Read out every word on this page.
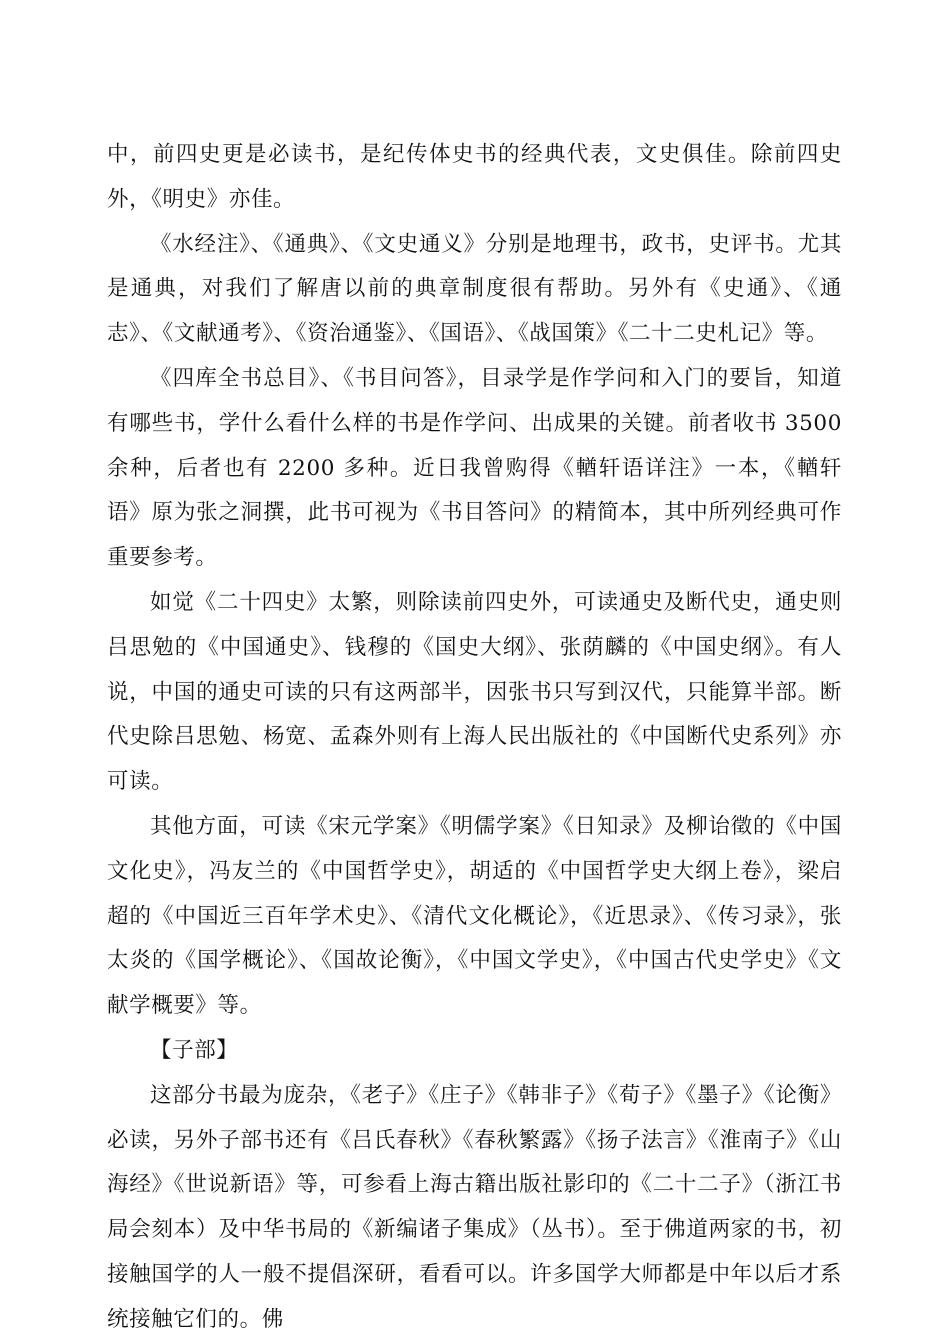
中，前四史更是必读书，是纪传体史书的经典代表，文史俱佳。除前四史外，《明史》亦佳。

《水经注》、《通典》、《文史通义》分别是地理书，政书，史评书。尤其是通典，对我们了解唐以前的典章制度很有帮助。另外有《史通》、《通志》、《文献通考》、《资治通鉴》、《国语》、《战国策》《二十二史札记》等。

《四库全书总目》、《书目问答》，目录学是作学问和入门的要旨，知道有哪些书，学什么看什么样的书是作学问、出成果的关键。前者收书 3500 余种，后者也有 2200 多种。近日我曾购得《輶轩语详注》一本，《輶轩语》原为张之洞撰，此书可视为《书目答问》的精简本，其中所列经典可作重要参考。

如觉《二十四史》太繁，则除读前四史外，可读通史及断代史，通史则吕思勉的《中国通史》、钱穆的《国史大纲》、张荫麟的《中国史纲》。有人说，中国的通史可读的只有这两部半，因张书只写到汉代，只能算半部。断代史除吕思勉、杨宽、孟森外则有上海人民出版社的《中国断代史系列》亦可读。

其他方面，可读《宋元学案》《明儒学案》《日知录》及柳诒徵的《中国文化史》，冯友兰的《中国哲学史》，胡适的《中国哲学史大纲上卷》，梁启超的《中国近三百年学术史》、《清代文化概论》，《近思录》、《传习录》，张太炎的《国学概论》、《国故论衡》，《中国文学史》，《中国古代史学史》《文献学概要》等。

【子部】

这部分书最为庞杂，《老子》《庄子》《韩非子》《荀子》《墨子》《论衡》必读，另外子部书还有《吕氏春秋》《春秋繁露》《扬子法言》《淮南子》《山海经》《世说新语》等，可参看上海古籍出版社影印的《二十二子》（浙江书局会刻本）及中华书局的《新编诸子集成》（丛书）。至于佛道两家的书，初接触国学的人一般不提倡深研，看看可以。许多国学大师都是中年以后才系统接触它们的。佛
